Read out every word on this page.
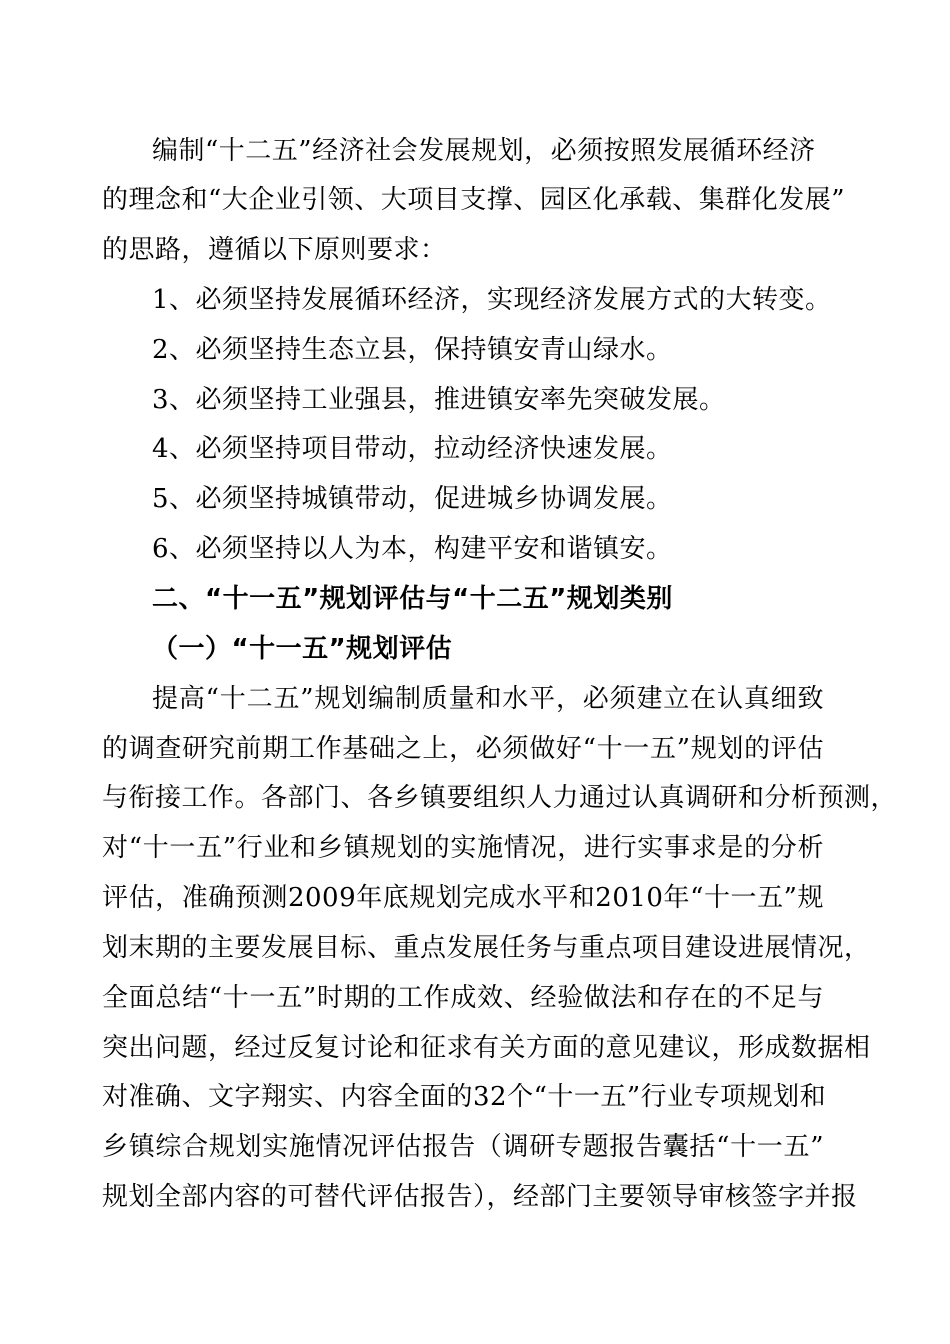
编制“十二五”经济社会发展规划，必须按照发展循环经济
的理念和“大企业引领、大项目支撑、园区化承载、集群化发展”
的思路，遵循以下原则要求：
1、必须坚持发展循环经济，实现经济发展方式的大转变。
2、必须坚持生态立县，保持镇安青山绿水。
3、必须坚持工业强县，推进镇安率先突破发展。
4、必须坚持项目带动，拉动经济快速发展。
5、必须坚持城镇带动，促进城乡协调发展。
6、必须坚持以人为本，构建平安和谐镇安。
二、“十一五”规划评估与“十二五”规划类别
（一）“十一五”规划评估
提高“十二五”规划编制质量和水平，必须建立在认真细致
的调查研究前期工作基础之上，必须做好“十一五”规划的评估
与衔接工作。各部门、各乡镇要组织人力通过认真调研和分析预测，
对“十一五”行业和乡镇规划的实施情况，进行实事求是的分析
评估，准确预测2009年底规划完成水平和2010年“十一五”规
划末期的主要发展目标、重点发展任务与重点项目建设进展情况，
全面总结“十一五”时期的工作成效、经验做法和存在的不足与
突出问题，经过反复讨论和征求有关方面的意见建议，形成数据相
对准确、文字翔实、内容全面的32个“十一五”行业专项规划和
乡镇综合规划实施情况评估报告（调研专题报告囊括“十一五”
规划全部内容的可替代评估报告），经部门主要领导审核签字并报
